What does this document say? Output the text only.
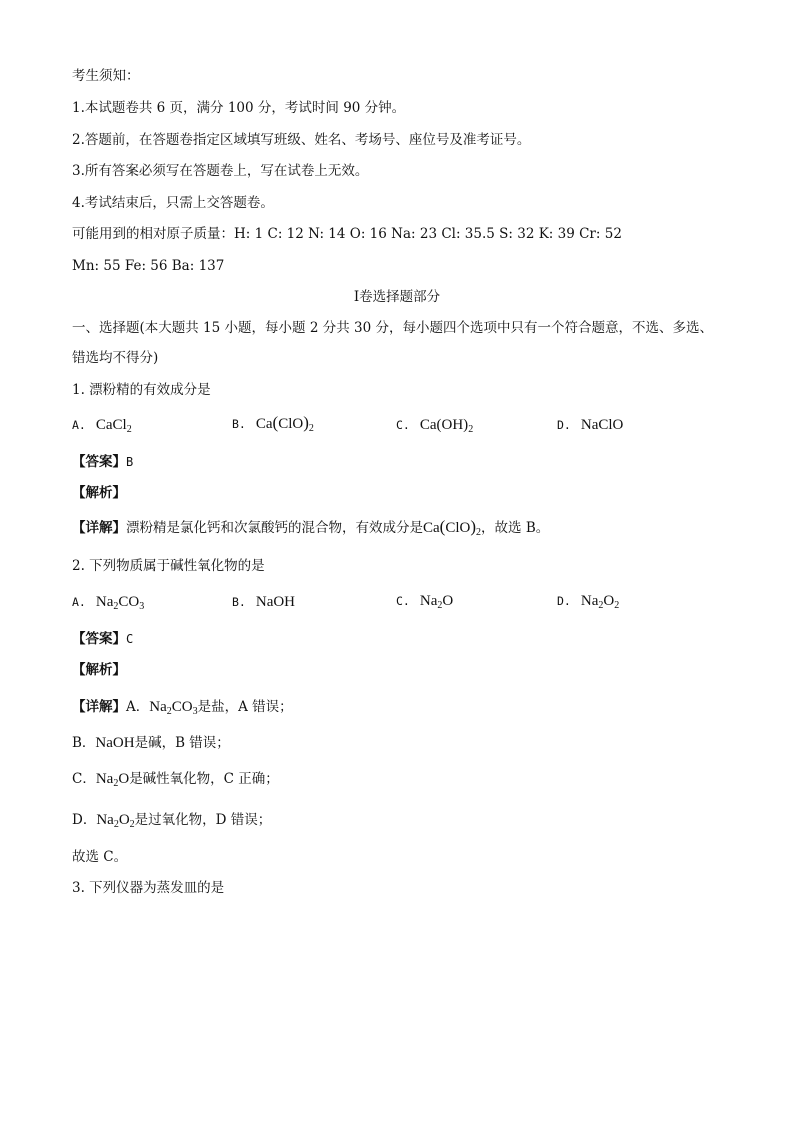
考生须知：
1.本试题卷共 6 页，满分 100 分，考试时间 90 分钟。
2.答题前，在答题卷指定区域填写班级、姓名、考场号、座位号及准考证号。
3.所有答案必须写在答题卷上，写在试卷上无效。
4.考试结束后，只需上交答题卷。
可能用到的相对原子质量：H: 1 C: 12 N: 14 O: 16 Na: 23 Cl: 35.5 S: 32 K: 39 Cr: 52
Mn: 55 Fe: 56 Ba: 137
Ⅰ卷选择题部分
一、选择题(本大题共 15 小题，每小题 2 分共 30 分，每小题四个选项中只有一个符合题意，不选、多选、
错选均不得分)
1. 漂粉精的有效成分是
A. CaCl$_2$	B. $Ca(ClO)_2$	C. $Ca(OH)_2$	D. NaClO
【答案】B
【解析】
【详解】漂粉精是氯化钙和次氯酸钙的混合物，有效成分是$Ca(ClO)_2$，故选 B。
2. 下列物质属于碱性氧化物的是
A. $Na_2CO_3$	B. NaOH	C. $Na_2O$	D. $Na_2O_2$
【答案】C
【解析】
【详解】A．$Na_2CO_3$是盐，A 错误；
B．NaOH是碱，B 错误；
C．$Na_2O$是碱性氧化物，C 正确；
D．$Na_2O_2$是过氧化物，D 错误；
故选 C。
3. 下列仪器为蒸发皿的是
